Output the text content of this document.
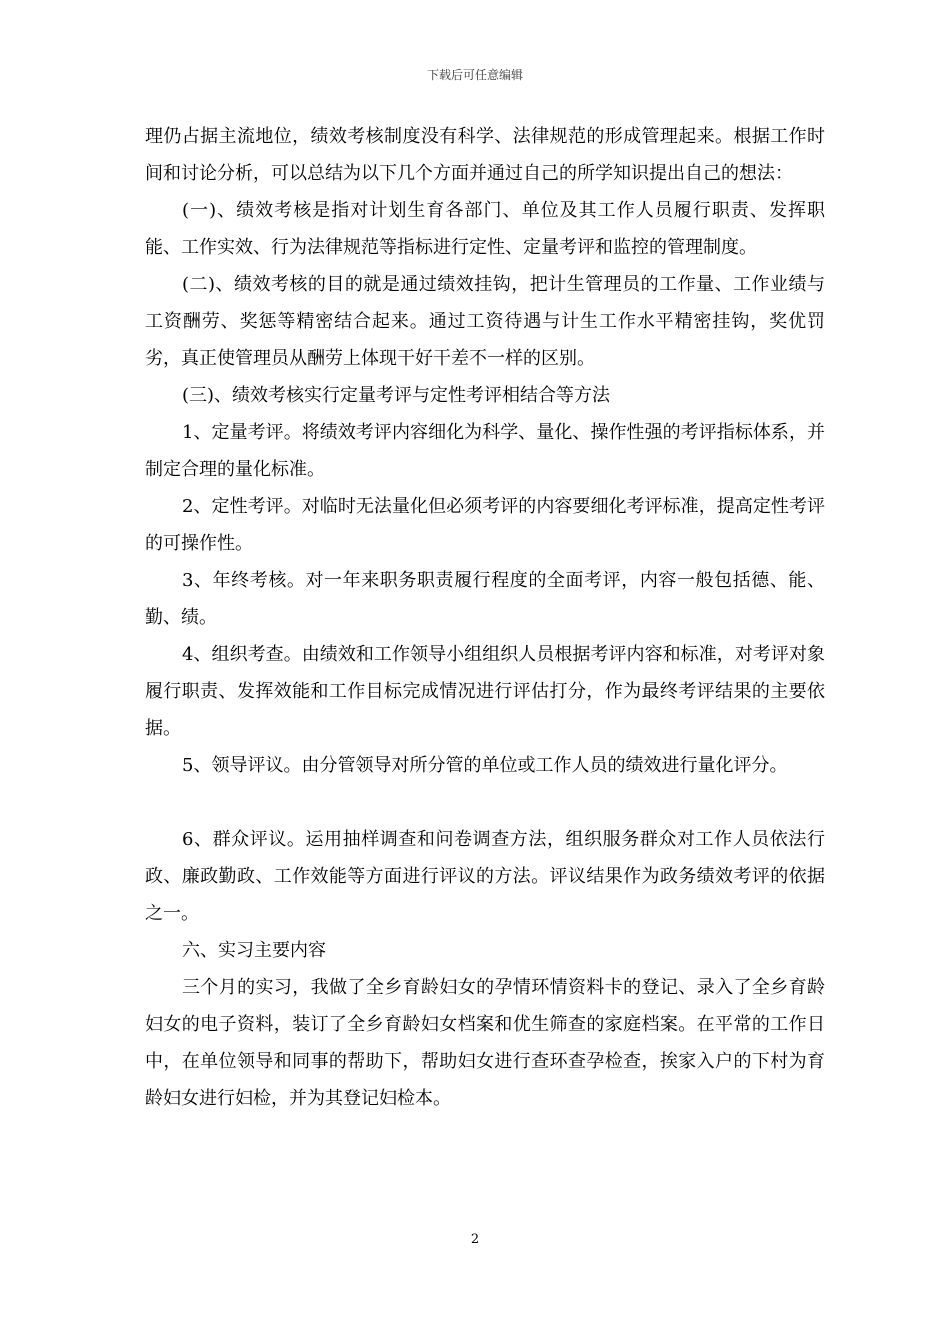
下载后可任意编辑

理仍占据主流地位，绩效考核制度没有科学、法律规范的形成管理起来。根据工作时间和讨论分析，可以总结为以下几个方面并通过自己的所学知识提出自己的想法：

(一)、绩效考核是指对计划生育各部门、单位及其工作人员履行职责、发挥职能、工作实效、行为法律规范等指标进行定性、定量考评和监控的管理制度。

(二)、绩效考核的目的就是通过绩效挂钩，把计生管理员的工作量、工作业绩与工资酬劳、奖惩等精密结合起来。通过工资待遇与计生工作水平精密挂钩，奖优罚劣，真正使管理员从酬劳上体现干好干差不一样的区别。

(三)、绩效考核实行定量考评与定性考评相结合等方法

1、定量考评。将绩效考评内容细化为科学、量化、操作性强的考评指标体系，并制定合理的量化标准。

2、定性考评。对临时无法量化但必须考评的内容要细化考评标准，提高定性考评的可操作性。

3、年终考核。对一年来职务职责履行程度的全面考评，内容一般包括德、能、勤、绩。

4、组织考查。由绩效和工作领导小组组织人员根据考评内容和标准，对考评对象履行职责、发挥效能和工作目标完成情况进行评估打分，作为最终考评结果的主要依据。

5、领导评议。由分管领导对所分管的单位或工作人员的绩效进行量化评分。

6、群众评议。运用抽样调查和问卷调查方法，组织服务群众对工作人员依法行政、廉政勤政、工作效能等方面进行评议的方法。评议结果作为政务绩效考评的依据之一。

六、实习主要内容

三个月的实习，我做了全乡育龄妇女的孕情环情资料卡的登记、录入了全乡育龄妇女的电子资料，装订了全乡育龄妇女档案和优生筛查的家庭档案。在平常的工作日中，在单位领导和同事的帮助下，帮助妇女进行查环查孕检查，挨家入户的下村为育龄妇女进行妇检，并为其登记妇检本。

2
